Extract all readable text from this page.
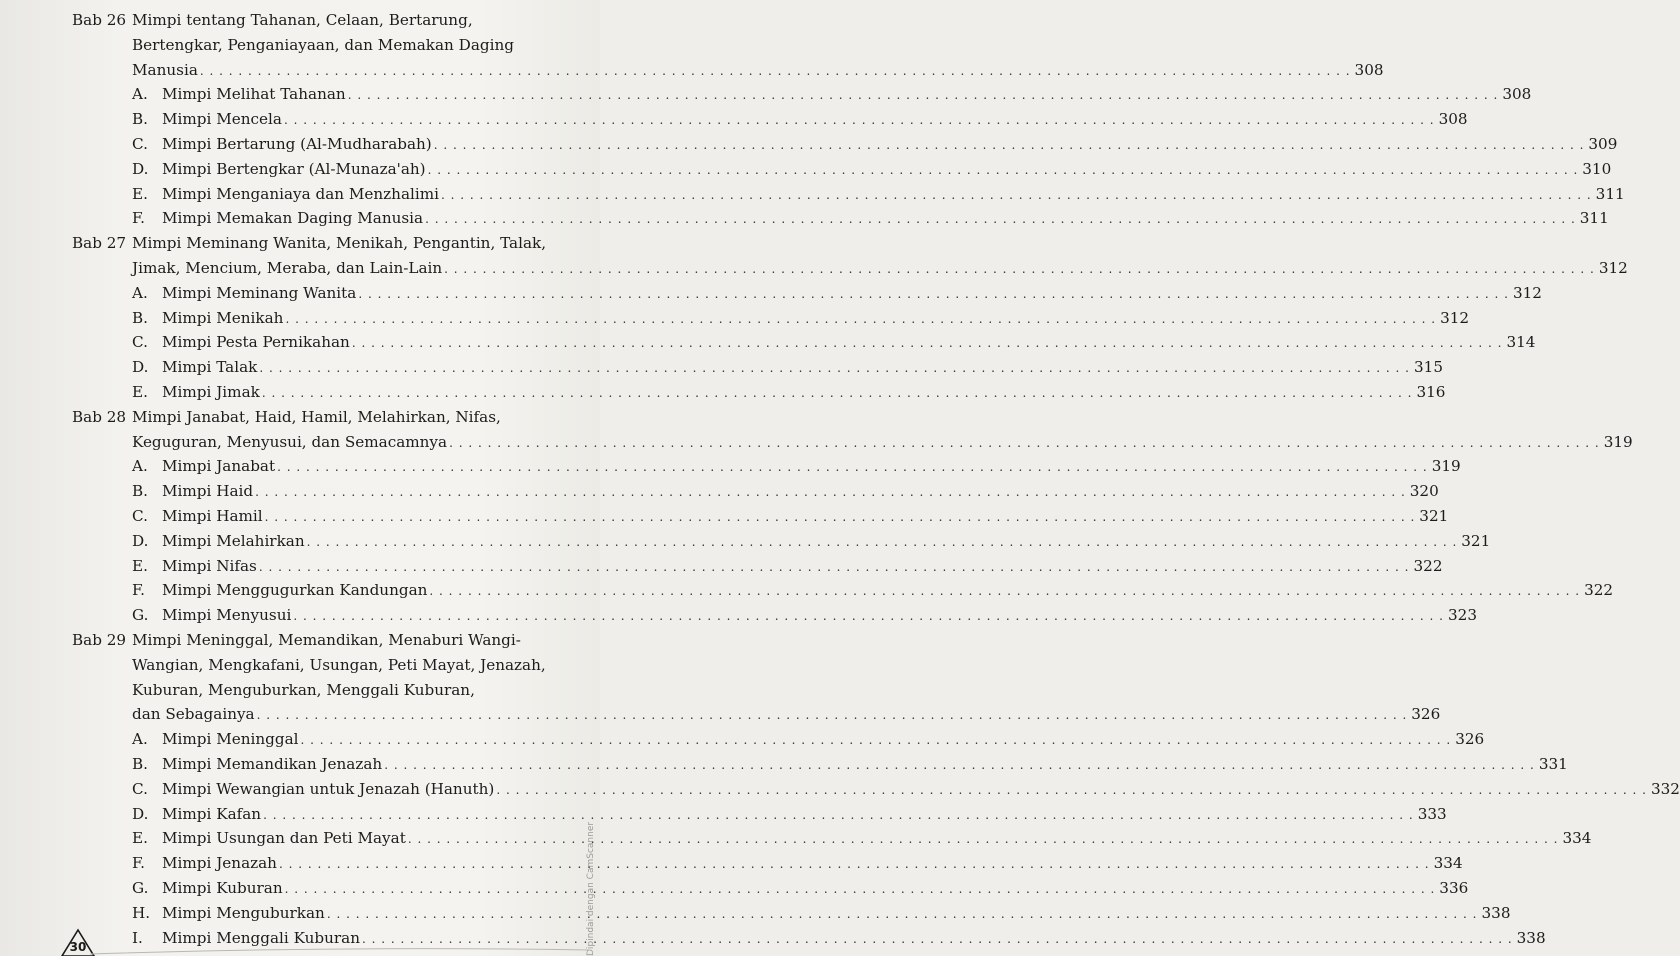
Bab 26 Mimpi tentang Tahanan, Celaan, Bertarung,
Bertengkar, Penganiayaan, dan Memakan Daging
Manusia . . . . . . . . . . . . . . . . . . . . . . . . . . . . . . . . . . . . . . . . . . . . . . . . . . . . . . . . . . . . . . . . . . . . . . . . . . . . . . . . . . . . . . . . . . . . . . . . . . . . . . . . . . . . . . . . . . . . . . . . 308
A. Mimpi Melihat Tahanan . . . . . . . . . . . . . . . . . . . . . . . . . . . . . . . . . . . . . . . . . . . . . . . . . . . . . . . . . . . . . . . . . . . . . . . . . . . . . . . . . . . . . . . . . . . . . . . . . . . . . . . . . . . . . . . . . . . . . . . . 308
B. Mimpi Mencela . . . . . . . . . . . . . . . . . . . . . . . . . . . . . . . . . . . . . . . . . . . . . . . . . . . . . . . . . . . . . . . . . . . . . . . . . . . . . . . . . . . . . . . . . . . . . . . . . . . . . . . . . . . . . . . . . . . . . . . . 308
C. Mimpi Bertarung (Al-Mudharabah) . . . . . . . . . . . . . . . . . . . . . . . . . . . . . . . . . . . . . . . . . . . . . . . . . . . . . . . . . . . . . . . . . . . . . . . . . . . . . . . . . . . . . . . . . . . . . . . . . . . . . . . . . . . . . . . . . . . . . . . . 309
D. Mimpi Bertengkar (Al-Munaza'ah) . . . . . . . . . . . . . . . . . . . . . . . . . . . . . . . . . . . . . . . . . . . . . . . . . . . . . . . . . . . . . . . . . . . . . . . . . . . . . . . . . . . . . . . . . . . . . . . . . . . . . . . . . . . . . . . . . . . . . . . . 310
E. Mimpi Menganiaya dan Menzhalimi . . . . . . . . . . . . . . . . . . . . . . . . . . . . . . . . . . . . . . . . . . . . . . . . . . . . . . . . . . . . . . . . . . . . . . . . . . . . . . . . . . . . . . . . . . . . . . . . . . . . . . . . . . . . . . . . . . . . . . . . 311
F.	Mimpi Memakan Daging Manusia . . . . . . . . . . . . . . . . . . . . . . . . . . . . . . . . . . . . . . . . . . . . . . . . . . . . . . . . . . . . . . . . . . . . . . . . . . . . . . . . . . . . . . . . . . . . . . . . . . . . . . . . . . . . . . . . . . . . . . . . 311
Bab 27 Mimpi Meminang Wanita, Menikah, Pengantin, Talak,
Jimak, Mencium, Meraba, dan Lain-Lain . . . . . . . . . . . . . . . . . . . . . . . . . . . . . . . . . . . . . . . . . . . . . . . . . . . . . . . . . . . . . . . . . . . . . . . . . . . . . . . . . . . . . . . . . . . . . . . . . . . . . . . . . . . . . . . . . . . . . . . . 312
A. Mimpi Meminang Wanita . . . . . . . . . . . . . . . . . . . . . . . . . . . . . . . . . . . . . . . . . . . . . . . . . . . . . . . . . . . . . . . . . . . . . . . . . . . . . . . . . . . . . . . . . . . . . . . . . . . . . . . . . . . . . . . . . . . . . . . . 312
B. Mimpi Menikah . . . . . . . . . . . . . . . . . . . . . . . . . . . . . . . . . . . . . . . . . . . . . . . . . . . . . . . . . . . . . . . . . . . . . . . . . . . . . . . . . . . . . . . . . . . . . . . . . . . . . . . . . . . . . . . . . . . . . . . . 312
C. Mimpi Pesta Pernikahan . . . . . . . . . . . . . . . . . . . . . . . . . . . . . . . . . . . . . . . . . . . . . . . . . . . . . . . . . . . . . . . . . . . . . . . . . . . . . . . . . . . . . . . . . . . . . . . . . . . . . . . . . . . . . . . . . . . . . . . . 314
D. Mimpi Talak . . . . . . . . . . . . . . . . . . . . . . . . . . . . . . . . . . . . . . . . . . . . . . . . . . . . . . . . . . . . . . . . . . . . . . . . . . . . . . . . . . . . . . . . . . . . . . . . . . . . . . . . . . . . . . . . . . . . . . . . 315
E. Mimpi Jimak . . . . . . . . . . . . . . . . . . . . . . . . . . . . . . . . . . . . . . . . . . . . . . . . . . . . . . . . . . . . . . . . . . . . . . . . . . . . . . . . . . . . . . . . . . . . . . . . . . . . . . . . . . . . . . . . . . . . . . . . 316
Bab 28 Mimpi Janabat, Haid, Hamil, Melahirkan, Nifas,
Keguguran, Menyusui, dan Semacamnya . . . . . . . . . . . . . . . . . . . . . . . . . . . . . . . . . . . . . . . . . . . . . . . . . . . . . . . . . . . . . . . . . . . . . . . . . . . . . . . . . . . . . . . . . . . . . . . . . . . . . . . . . . . . . . . . . . . . . . . . 319
A. Mimpi Janabat . . . . . . . . . . . . . . . . . . . . . . . . . . . . . . . . . . . . . . . . . . . . . . . . . . . . . . . . . . . . . . . . . . . . . . . . . . . . . . . . . . . . . . . . . . . . . . . . . . . . . . . . . . . . . . . . . . . . . . . . 319
B. Mimpi Haid . . . . . . . . . . . . . . . . . . . . . . . . . . . . . . . . . . . . . . . . . . . . . . . . . . . . . . . . . . . . . . . . . . . . . . . . . . . . . . . . . . . . . . . . . . . . . . . . . . . . . . . . . . . . . . . . . . . . . . . . 320
C. Mimpi Hamil . . . . . . . . . . . . . . . . . . . . . . . . . . . . . . . . . . . . . . . . . . . . . . . . . . . . . . . . . . . . . . . . . . . . . . . . . . . . . . . . . . . . . . . . . . . . . . . . . . . . . . . . . . . . . . . . . . . . . . . . 321
D. Mimpi Melahirkan . . . . . . . . . . . . . . . . . . . . . . . . . . . . . . . . . . . . . . . . . . . . . . . . . . . . . . . . . . . . . . . . . . . . . . . . . . . . . . . . . . . . . . . . . . . . . . . . . . . . . . . . . . . . . . . . . . . . . . . . 321
E. Mimpi Nifas . . . . . . . . . . . . . . . . . . . . . . . . . . . . . . . . . . . . . . . . . . . . . . . . . . . . . . . . . . . . . . . . . . . . . . . . . . . . . . . . . . . . . . . . . . . . . . . . . . . . . . . . . . . . . . . . . . . . . . . . 322
F.	Mimpi Menggugurkan Kandungan . . . . . . . . . . . . . . . . . . . . . . . . . . . . . . . . . . . . . . . . . . . . . . . . . . . . . . . . . . . . . . . . . . . . . . . . . . . . . . . . . . . . . . . . . . . . . . . . . . . . . . . . . . . . . . . . . . . . . . . . 322
G. Mimpi Menyusui . . . . . . . . . . . . . . . . . . . . . . . . . . . . . . . . . . . . . . . . . . . . . . . . . . . . . . . . . . . . . . . . . . . . . . . . . . . . . . . . . . . . . . . . . . . . . . . . . . . . . . . . . . . . . . . . . . . . . . . . 323
Bab 29 Mimpi Meninggal, Memandikan, Menaburi Wangi-
Wangian, Mengkafani, Usungan, Peti Mayat, Jenazah,
Kuburan, Menguburkan, Menggali Kuburan,
dan Sebagainya . . . . . . . . . . . . . . . . . . . . . . . . . . . . . . . . . . . . . . . . . . . . . . . . . . . . . . . . . . . . . . . . . . . . . . . . . . . . . . . . . . . . . . . . . . . . . . . . . . . . . . . . . . . . . . . . . . . . . . . . 326
A. Mimpi Meninggal . . . . . . . . . . . . . . . . . . . . . . . . . . . . . . . . . . . . . . . . . . . . . . . . . . . . . . . . . . . . . . . . . . . . . . . . . . . . . . . . . . . . . . . . . . . . . . . . . . . . . . . . . . . . . . . . . . . . . . . . 326
B. Mimpi Memandikan Jenazah . . . . . . . . . . . . . . . . . . . . . . . . . . . . . . . . . . . . . . . . . . . . . . . . . . . . . . . . . . . . . . . . . . . . . . . . . . . . . . . . . . . . . . . . . . . . . . . . . . . . . . . . . . . . . . . . . . . . . . . . 331
C. Mimpi Wewangian untuk Jenazah (Hanuth) . . . . . . . . . . . . . . . . . . . . . . . . . . . . . . . . . . . . . . . . . . . . . . . . . . . . . . . . . . . . . . . . . . . . . . . . . . . . . . . . . . . . . . . . . . . . . . . . . . . . . . . . . . . . . . . . . . . . . . . . 332
D. Mimpi Kafan . . . . . . . . . . . . . . . . . . . . . . . . . . . . . . . . . . . . . . . . . . . . . . . . . . . . . . . . . . . . . . . . . . . . . . . . . . . . . . . . . . . . . . . . . . . . . . . . . . . . . . . . . . . . . . . . . . . . . . . . 333
E. Mimpi Usungan dan Peti Mayat . . . . . . . . . . . . . . . . . . . . . . . . . . . . . . . . . . . . . . . . . . . . . . . . . . . . . . . . . . . . . . . . . . . . . . . . . . . . . . . . . . . . . . . . . . . . . . . . . . . . . . . . . . . . . . . . . . . . . . . . 334
F.	Mimpi Jenazah . . . . . . . . . . . . . . . . . . . . . . . . . . . . . . . . . . . . . . . . . . . . . . . . . . . . . . . . . . . . . . . . . . . . . . . . . . . . . . . . . . . . . . . . . . . . . . . . . . . . . . . . . . . . . . . . . . . . . . . . 334
G. Mimpi Kuburan . . . . . . . . . . . . . . . . . . . . . . . . . . . . . . . . . . . . . . . . . . . . . . . . . . . . . . . . . . . . . . . . . . . . . . . . . . . . . . . . . . . . . . . . . . . . . . . . . . . . . . . . . . . . . . . . . . . . . . . . 336
H. Mimpi Menguburkan . . . . . . . . . . . . . . . . . . . . . . . . . . . . . . . . . . . . . . . . . . . . . . . . . . . . . . . . . . . . . . . . . . . . . . . . . . . . . . . . . . . . . . . . . . . . . . . . . . . . . . . . . . . . . . . . . . . . . . . . 338
I.	Mimpi Menggali Kuburan . . . . . . . . . . . . . . . . . . . . . . . . . . . . . . . . . . . . . . . . . . . . . . . . . . . . . . . . . . . . . . . . . . . . . . . . . . . . . . . . . . . . . . . . . . . . . . . . . . . . . . . . . . . . . . . . . . . . . . . . 338
Dipindai dengan CamScanner
30
